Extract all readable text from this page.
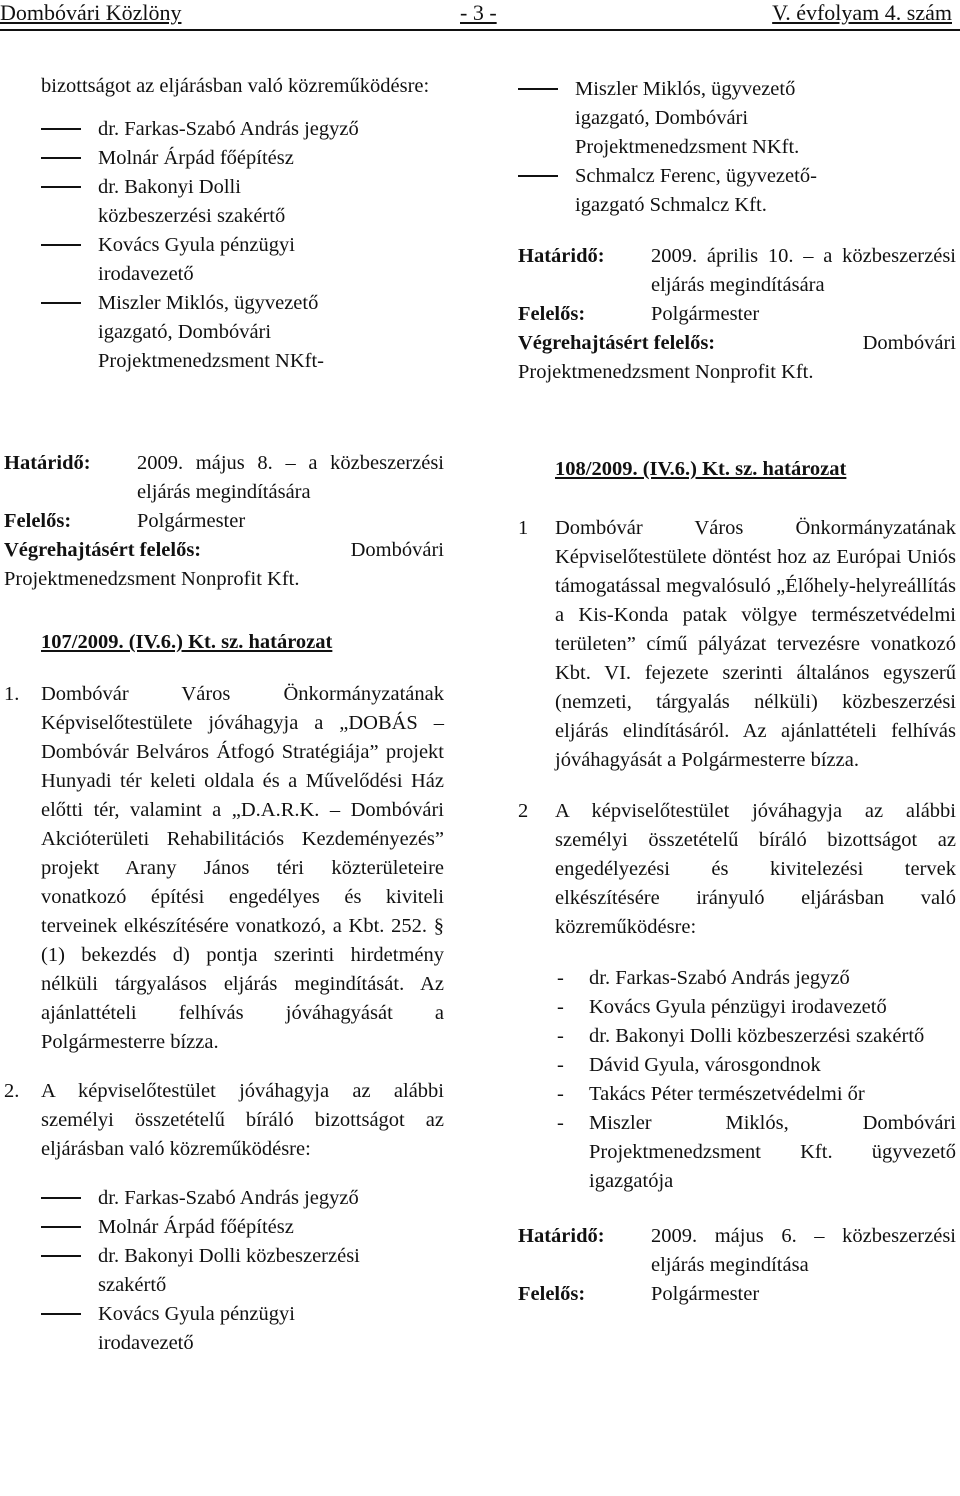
Dombóvári Közlöny	- 3 -	V. évfolyam 4. szám

bizottságot az eljárásban való közreműködésre:

dr. Farkas-Szabó András jegyző
Molnár Árpád főépítész
dr. Bakonyi Dolli közbeszerzési szakértő
Kovács Gyula pénzügyi irodavezető
Miszler Miklós, ügyvezető igazgató, Dombóvári Projektmenedzsment NKft-
Miszler Miklós, ügyvezető igazgató, Dombóvári Projektmenedzsment NKft.
Schmalcz Ferenc, ügyvezető-igazgató Schmalcz Kft.
Határidő:	2009. április 10. – a közbeszerzési eljárás megindítására

Felelős:	Polgármester

Végrehajtásért felelős:	Dombóvári Projektmenedzsment Nonprofit Kft.

Határidő:	2009. május 8. – a közbeszerzési eljárás megindítására

Felelős:	Polgármester

Végrehajtásért felelős:	Dombóvári Projektmenedzsment Nonprofit Kft.

107/2009. (IV.6.) Kt. sz. határozat

1. Dombóvár Város Önkormányzatának Képviselőtestülete jóváhagyja a „DOBÁS – Dombóvár Belváros Átfogó Stratégiája” projekt Hunyadi tér keleti oldala és a Művelődési Ház előtti tér, valamint a „D.A.R.K. – Dombóvári Akcióterületi Rehabilitációs Kezdeményezés” projekt Arany János téri közterületeire vonatkozó építési engedélyes és kiviteli terveinek elkészítésére vonatkozó, a Kbt. 252. § (1) bekezdés d) pontja szerinti hirdetmény nélküli tárgyalásos eljárás megindítását. Az ajánlattételi felhívás jóváhagyását a Polgármesterre bízza.

2. A képviselőtestület jóváhagyja az alábbi személyi összetételű bíráló bizottságot az eljárásban való közreműködésre:

dr. Farkas-Szabó András jegyző
Molnár Árpád főépítész
dr. Bakonyi Dolli közbeszerzési szakértő
Kovács Gyula pénzügyi irodavezető

108/2009. (IV.6.) Kt. sz. határozat

1 Dombóvár Város Önkormányzatának Képviselőtestülete döntést hoz az Európai Uniós támogatással megvalósuló „Élőhely-helyreállítás a Kis-Konda patak völgye természetvédelmi területen” című pályázat tervezésre vonatkozó Kbt. VI. fejezete szerinti általános egyszerű (nemzeti, tárgyalás nélküli) közbeszerzési eljárás elindításáról. Az ajánlattételi felhívás jóváhagyását a Polgármesterre bízza.

2 A képviselőtestület jóváhagyja az alábbi személyi összetételű bíráló bizottságot az engedélyezési és kivitelezési tervek elkészítésére irányuló eljárásban való közreműködésre:

- dr. Farkas-Szabó András jegyző
- Kovács Gyula pénzügyi irodavezető
- dr. Bakonyi Dolli közbeszerzési szakértő
- Dávid Gyula, városgondnok
- Takács Péter természetvédelmi őr
- Miszler Miklós, Dombóvári Projektmenedzsment Kft. ügyvezető igazgatója
Határidő:	2009. május 6. – közbeszerzési eljárás megindítása

Felelős:	Polgármester
